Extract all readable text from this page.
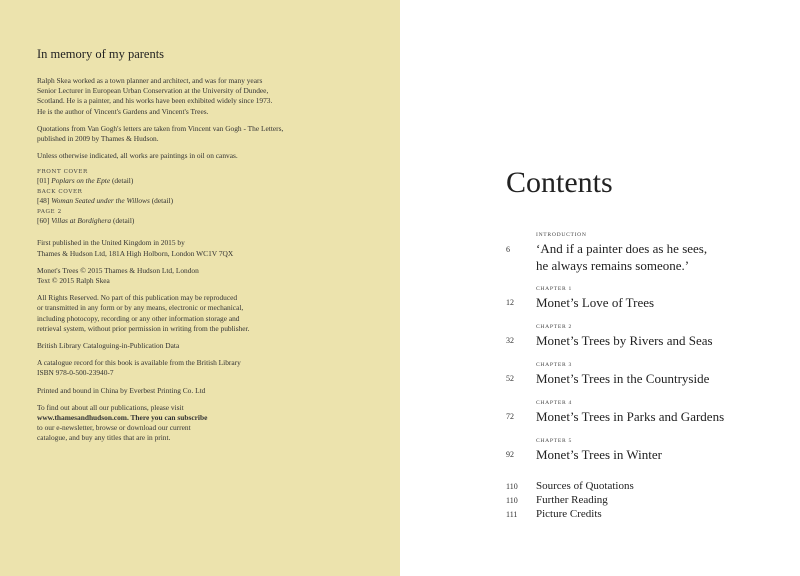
In memory of my parents

Ralph Skea worked as a town planner and architect, and was for many years
Senior Lecturer in European Urban Conservation at the University of Dundee,
Scotland. He is a painter, and his works have been exhibited widely since 1973.
He is the author of Vincent's Gardens and Vincent's Trees.

Quotations from Van Gogh's letters are taken from Vincent van Gogh - The Letters,
published in 2009 by Thames & Hudson.

Unless otherwise indicated, all works are paintings in oil on canvas.

FRONT COVER
[01] Poplars on the Epte (detail)
BACK COVER
[48] Woman Seated under the Willows (detail)
PAGE 2
[60] Villas at Bordighera (detail)

First published in the United Kingdom in 2015 by
Thames & Hudson Ltd, 181A High Holborn, London WC1V 7QX

Monet's Trees © 2015 Thames & Hudson Ltd, London
Text © 2015 Ralph Skea

All Rights Reserved. No part of this publication may be reproduced
or transmitted in any form or by any means, electronic or mechanical,
including photocopy, recording or any other information storage and
retrieval system, without prior permission in writing from the publisher.

British Library Cataloguing-in-Publication Data

A catalogue record for this book is available from the British Library
ISBN 978-0-500-23940-7

Printed and bound in China by Everbest Printing Co. Ltd

To find out about all our publications, please visit
www.thamesandhudson.com. There you can subscribe
to our e-newsletter, browse or download our current
catalogue, and buy any titles that are in print.

Contents
INTRODUCTION
6 ‘And if a painter does as he sees,
he always remains someone.’
CHAPTER 1
12 Monet’s Love of Trees
CHAPTER 2
32 Monet’s Trees by Rivers and Seas
CHAPTER 3
52 Monet’s Trees in the Countryside
CHAPTER 4
72 Monet’s Trees in Parks and Gardens
CHAPTER 5
92 Monet’s Trees in Winter
110 Sources of Quotations
110 Further Reading
111 Picture Credits
